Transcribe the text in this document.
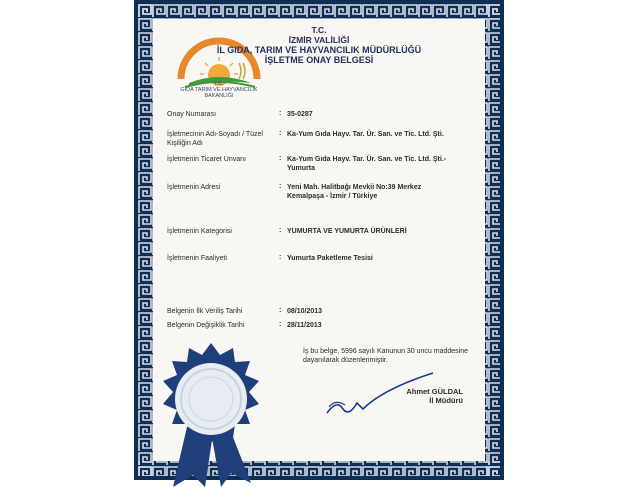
T.C.
GIDA TARIM VE HAYVANCILIK
BAKANLIĞI
T.C.
İZMİR VALİLİĞİ
İL GIDA, TARIM VE HAYVANCILIK MÜDÜRLÜĞÜ
İŞLETME ONAY BELGESİ
Onay Numarası	: 35-0287
İşletmecinin Adı-Soyadı / Tüzel Kişiliğin Adı
: Ka-Yum Gıda Hayv. Tar. Ür. San. ve Tic. Ltd. Şti.
İşletmenin Ticaret Unvanı	: Ka-Yum Gıda Hayv. Tar. Ür. San. ve Tic. Ltd. Şti.- Yumurta
İşletmenin Adresi	: Yeni Mah. Halitbağı Mevkii No:39 Merkez Kemalpaşa - İzmir / Türkiye
İşletmenin Kategorisi	: YUMURTA VE YUMURTA ÜRÜNLERİ
İşletmenin Faaliyeti	: Yumurta Paketleme Tesisi
Belgenin İlk Veriliş Tarihi	: 08/10/2013
Belgenin Değişiklik Tarihi	: 28/11/2013
İş bu belge, 5996 sayılı Kanunun 30 uncu maddesine dayanılarak düzenlenmiştir.
Ahmet GÜLDAL
İl Müdürü
